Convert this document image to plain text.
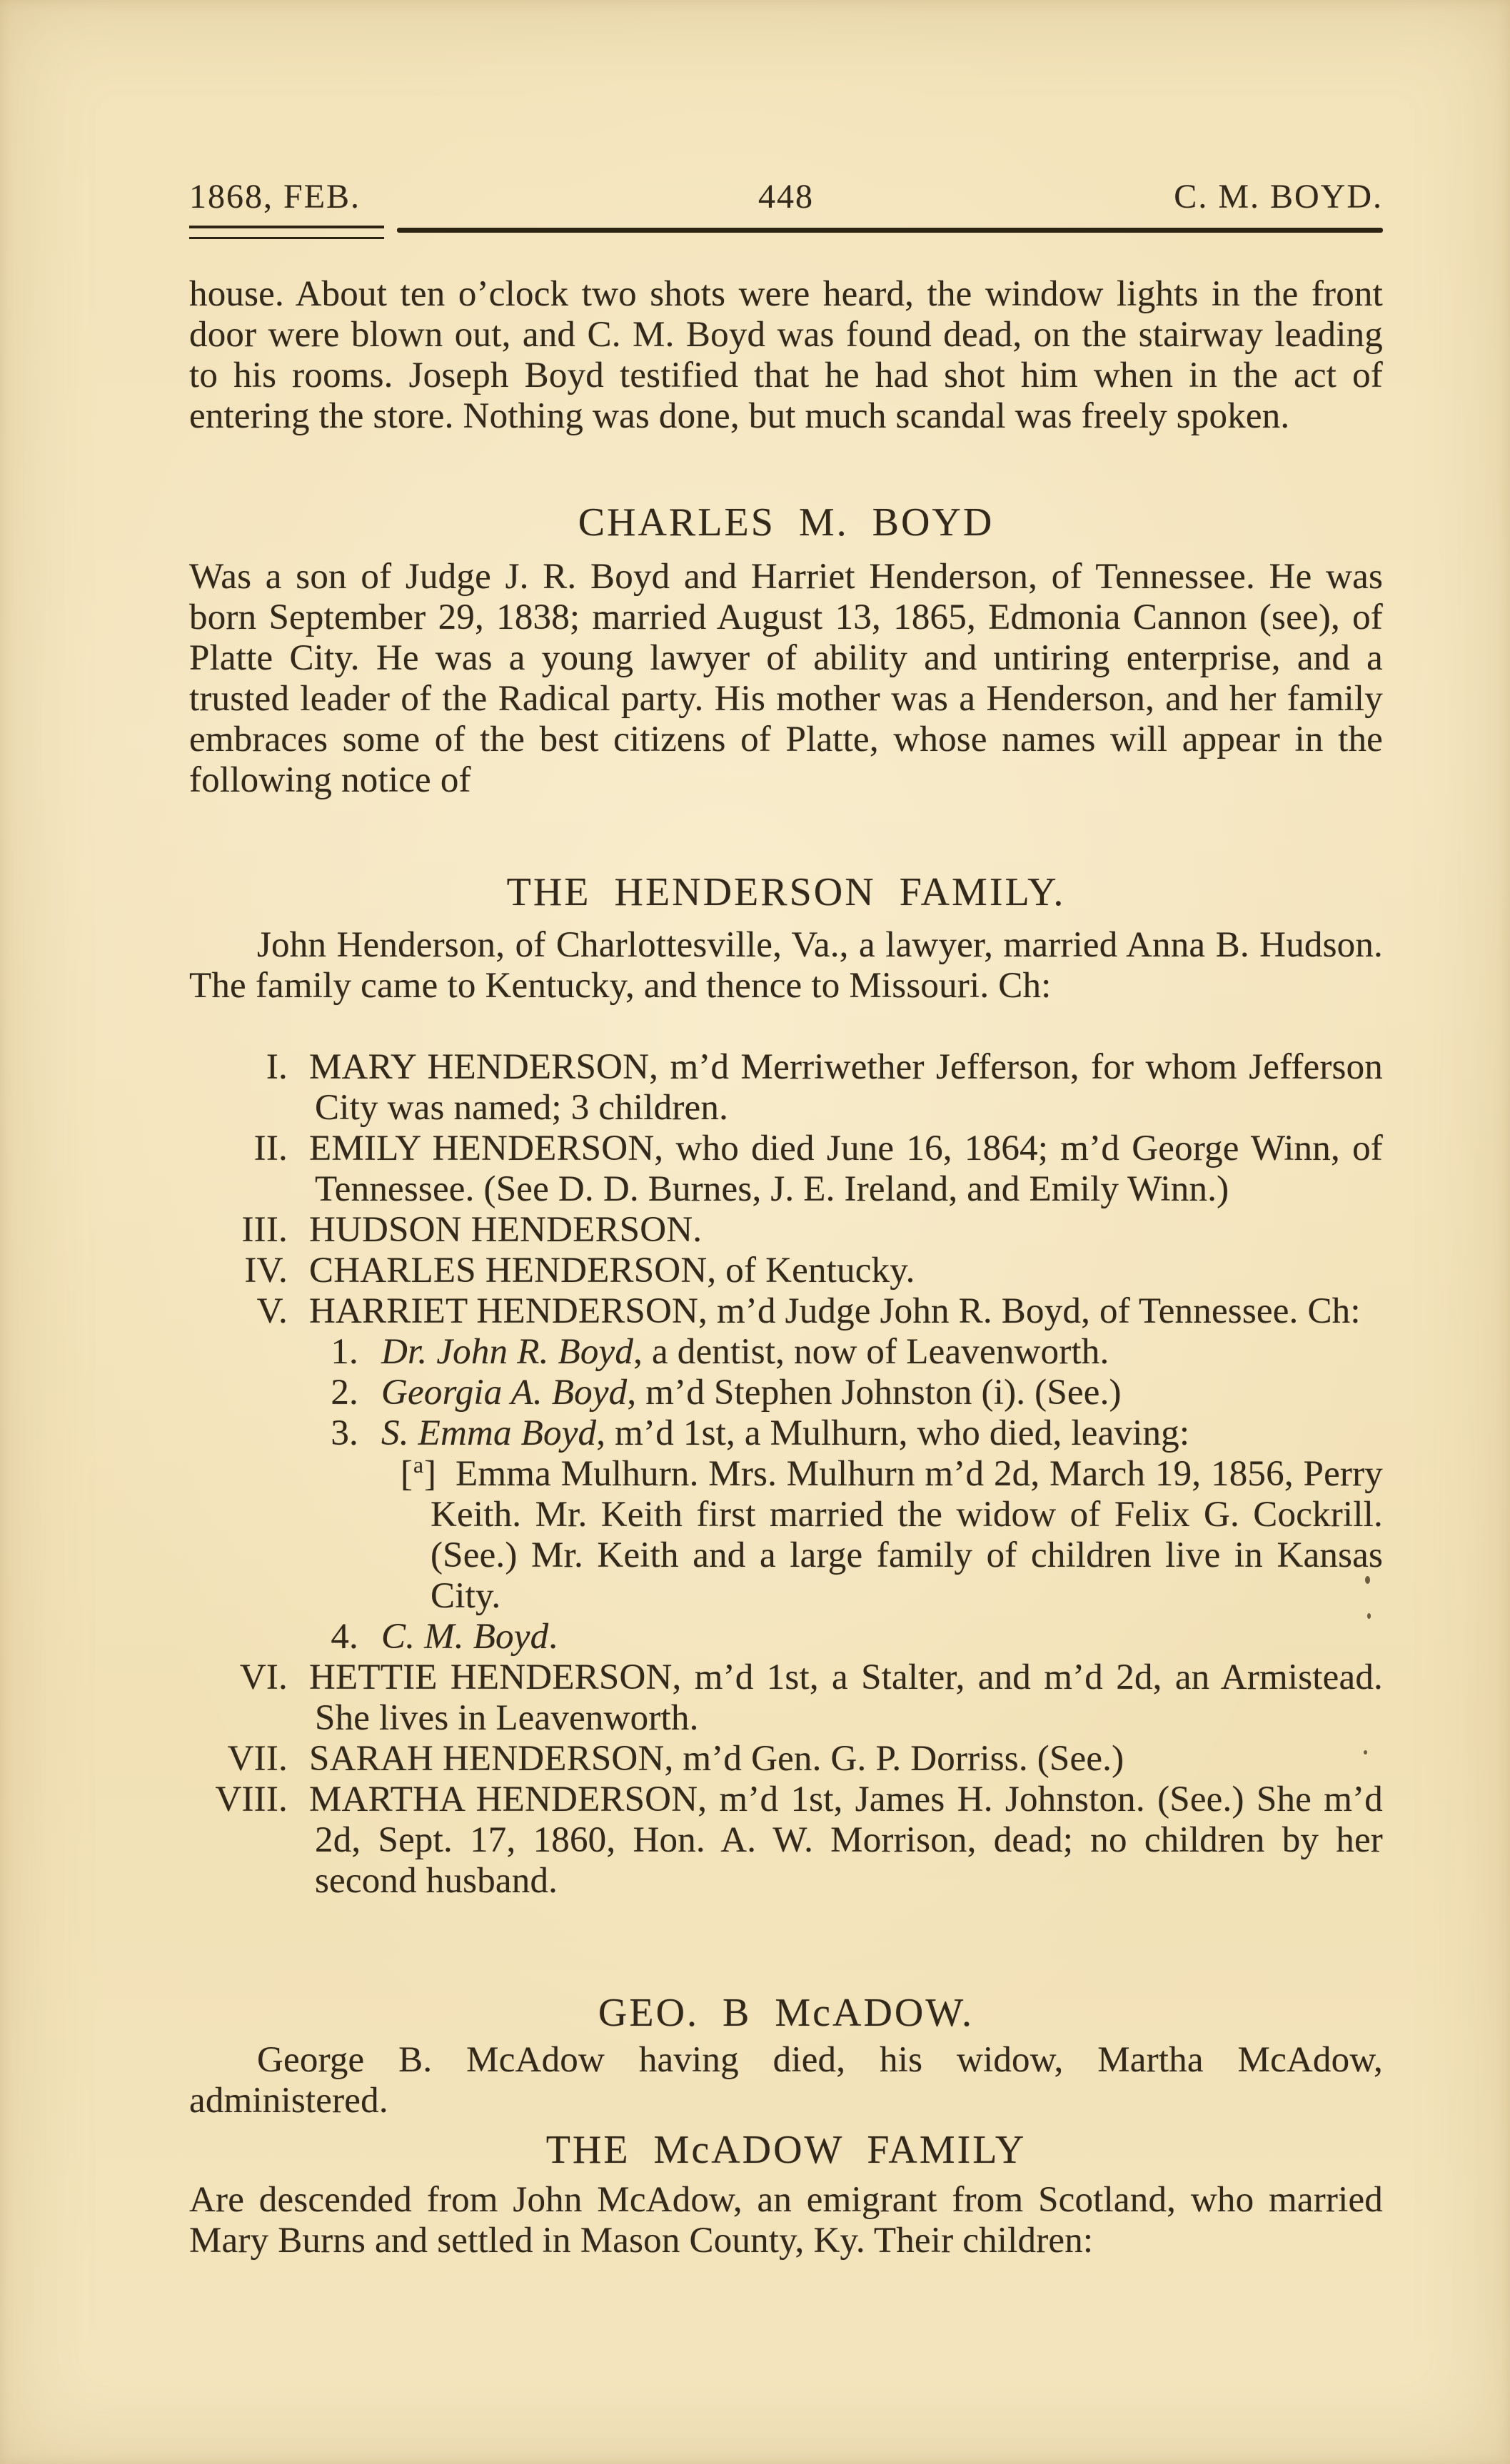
1868, FEB.	448	C. M. BOYD.
house. About ten o’clock two shots were heard, the window lights in the front door were blown out, and C. M. Boyd was found dead, on the stairway leading to his rooms. Joseph Boyd testified that he had shot him when in the act of entering the store. Nothing was done, but much scandal was freely spoken.
CHARLES M. BOYD
Was a son of Judge J. R. Boyd and Harriet Henderson, of Tennessee. He was born September 29, 1838; married August 13, 1865, Edmonia Cannon (see), of Platte City. He was a young lawyer of ability and untiring enterprise, and a trusted leader of the Radical party. His mother was a Henderson, and her family embraces some of the best citizens of Platte, whose names will appear in the following notice of
THE HENDERSON FAMILY.
John Henderson, of Charlottesville, Va., a lawyer, married Anna B. Hudson. The family came to Kentucky, and thence to Missouri. Ch:
I. MARY HENDERSON, m’d Merriwether Jefferson, for whom Jefferson City was named; 3 children.
II. EMILY HENDERSON, who died June 16, 1864; m’d George Winn, of Tennessee. (See D. D. Burnes, J. E. Ireland, and Emily Winn.)
III. HUDSON HENDERSON.
IV. CHARLES HENDERSON, of Kentucky.
V. HARRIET HENDERSON, m’d Judge John R. Boyd, of Tennessee. Ch:
1. Dr. John R. Boyd, a dentist, now of Leavenworth.
2. Georgia A. Boyd, m’d Stephen Johnston (i). (See.)
3. S. Emma Boyd, m’d 1st, a Mulhurn, who died, leaving:
[$^a$] Emma Mulhurn. Mrs. Mulhurn m’d 2d, March 19, 1856, Perry Keith. Mr. Keith first married the widow of Felix G. Cockrill. (See.) Mr. Keith and a large family of children live in Kansas City.
4. C. M. Boyd.
VI. HETTIE HENDERSON, m’d 1st, a Stalter, and m’d 2d, an Armistead. She lives in Leavenworth.
VII. SARAH HENDERSON, m’d Gen. G. P. Dorriss. (See.)
VIII. MARTHA HENDERSON, m’d 1st, James H. Johnston. (See.) She m’d 2d, Sept. 17, 1860, Hon. A. W. Morrison, dead; no children by her second husband.
GEO. B McADOW.
George B. McAdow having died, his widow, Martha McAdow, administered.
THE McADOW FAMILY
Are descended from John McAdow, an emigrant from Scotland, who married Mary Burns and settled in Mason County, Ky. Their children:
